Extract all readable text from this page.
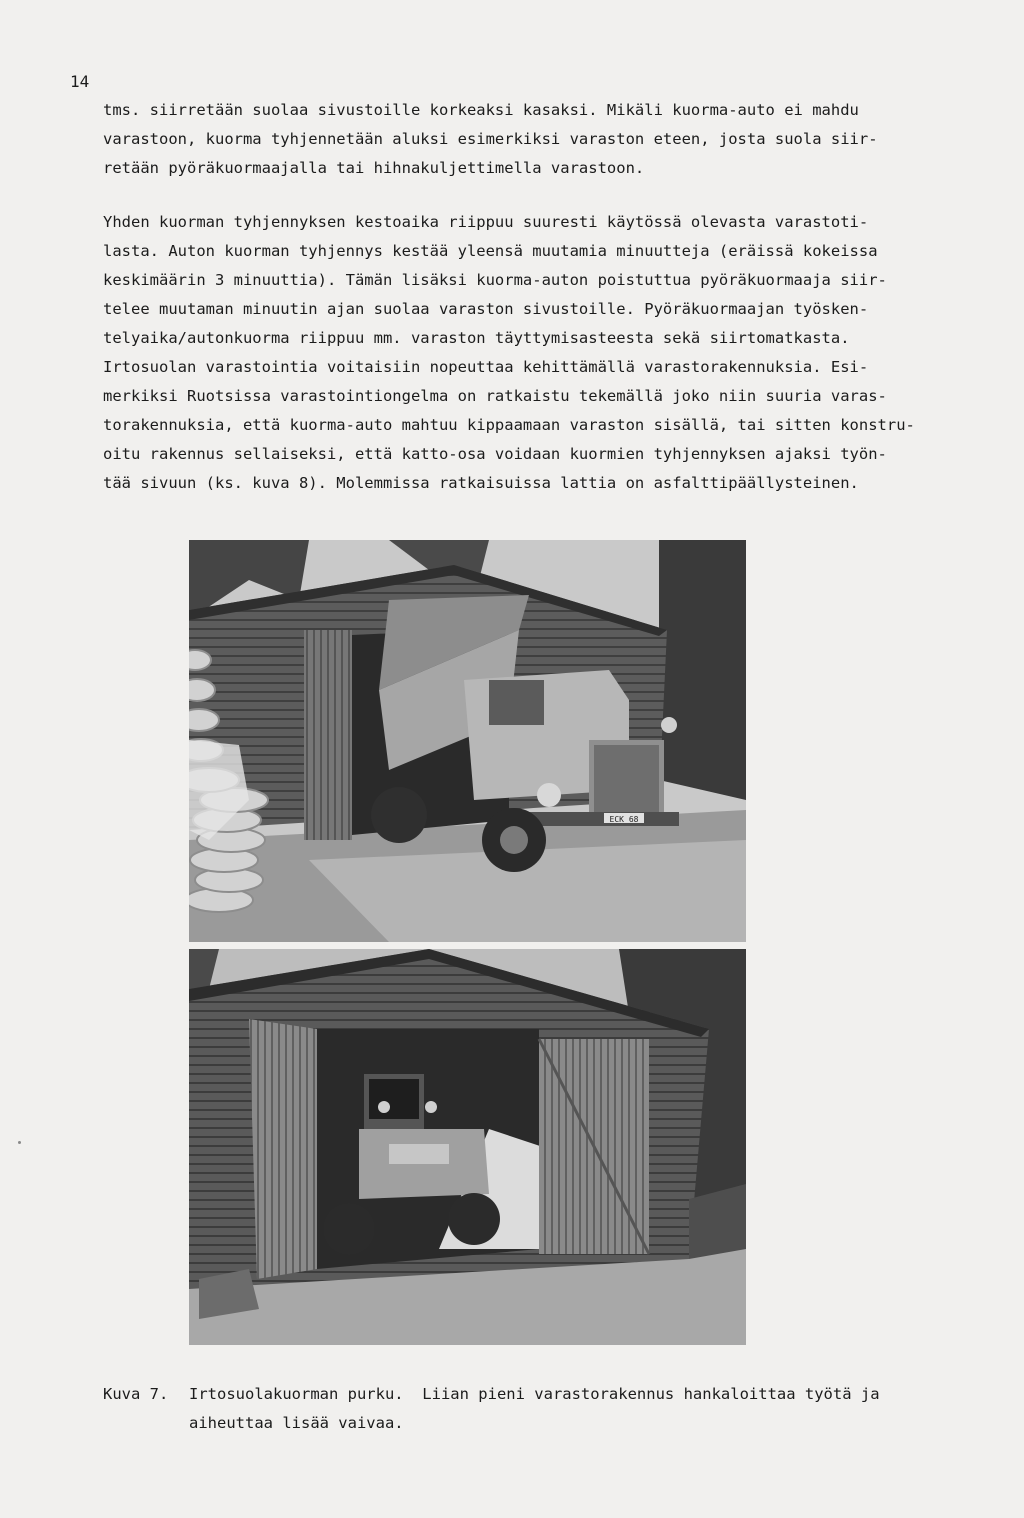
14
tms. siirretään suolaa sivustoille korkeaksi kasaksi. Mikäli kuorma-auto ei mahdu
varastoon, kuorma tyhjennetään aluksi esimerkiksi varaston eteen, josta suola siir-
retään pyöräkuormaajalla tai hihnakuljettimella varastoon.
Yhden kuorman tyhjennyksen kestoaika riippuu suuresti käytössä olevasta varastoti-
lasta. Auton kuorman tyhjennys kestää yleensä muutamia minuutteja (eräissä kokeissa
keskimäärin 3 minuuttia). Tämän lisäksi kuorma-auton poistuttua pyöräkuormaaja siir-
telee muutaman minuutin ajan suolaa varaston sivustoille. Pyöräkuormaajan työsken-
telyaika/autonkuorma riippuu mm. varaston täyttymisasteesta sekä siirtomatkasta.
Irtosuolan varastointia voitaisiin nopeuttaa kehittämällä varastorakennuksia. Esi-
merkiksi Ruotsissa varastointiongelma on ratkaistu tekemällä joko niin suuria varas-
torakennuksia, että kuorma-auto mahtuu kippaamaan varaston sisällä, tai sitten konstru-
oitu rakennus sellaiseksi, että katto-osa voidaan kuormien tyhjennyksen ajaksi työn-
tää sivuun (ks. kuva 8). Molemmissa ratkaisuissa lattia on asfalttipäällysteinen.
ECK 68
Kuva 7. Irtosuolakuorman purku.  Liian pieni varastorakennus hankaloittaa työtä ja
aiheuttaa lisää vaivaa.
